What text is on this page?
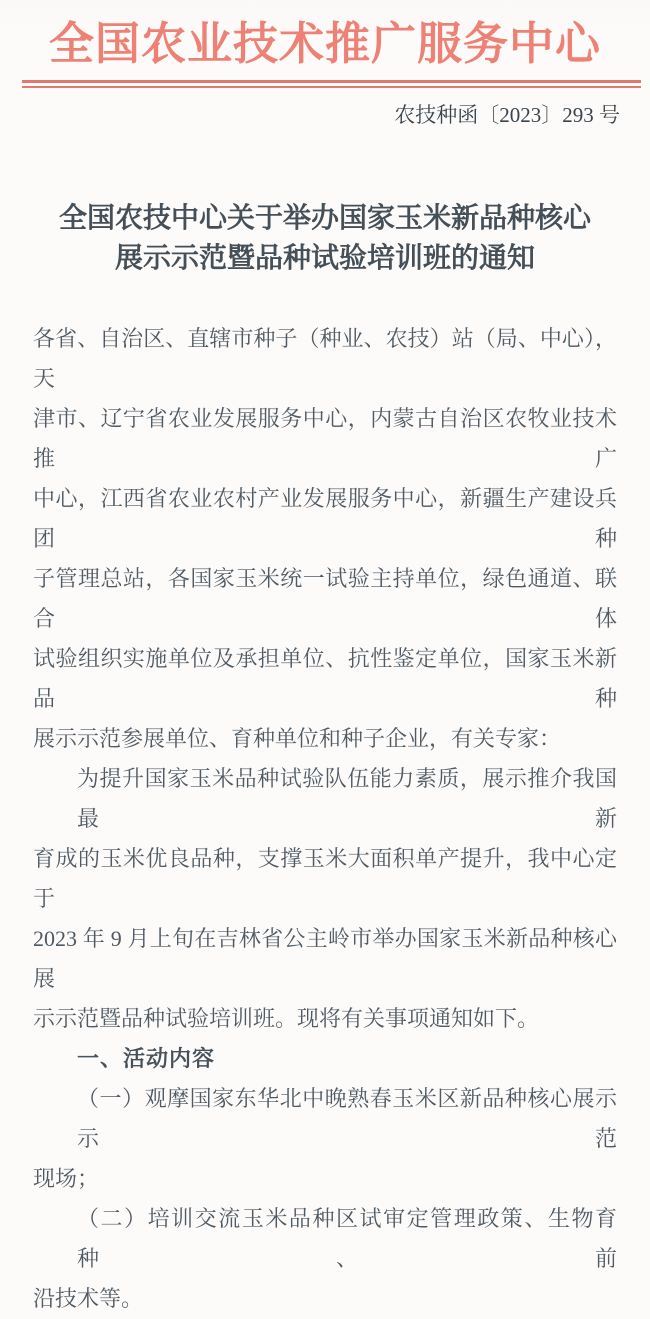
全国农业技术推广服务中心
农技种函〔2023〕293 号
全国农技中心关于举办国家玉米新品种核心
展示示范暨品种试验培训班的通知
各省、自治区、直辖市种子（种业、农技）站（局、中心），天
津市、辽宁省农业发展服务中心，内蒙古自治区农牧业技术推广
中心，江西省农业农村产业发展服务中心，新疆生产建设兵团种
子管理总站，各国家玉米统一试验主持单位，绿色通道、联合体
试验组织实施单位及承担单位、抗性鉴定单位，国家玉米新品种
展示示范参展单位、育种单位和种子企业，有关专家：
为提升国家玉米品种试验队伍能力素质，展示推介我国最新
育成的玉米优良品种，支撑玉米大面积单产提升，我中心定于
2023 年 9 月上旬在吉林省公主岭市举办国家玉米新品种核心展
示示范暨品种试验培训班。现将有关事项通知如下。
一、活动内容
（一）观摩国家东华北中晚熟春玉米区新品种核心展示示范
现场；
（二）培训交流玉米品种区试审定管理政策、生物育种、前
沿技术等。
